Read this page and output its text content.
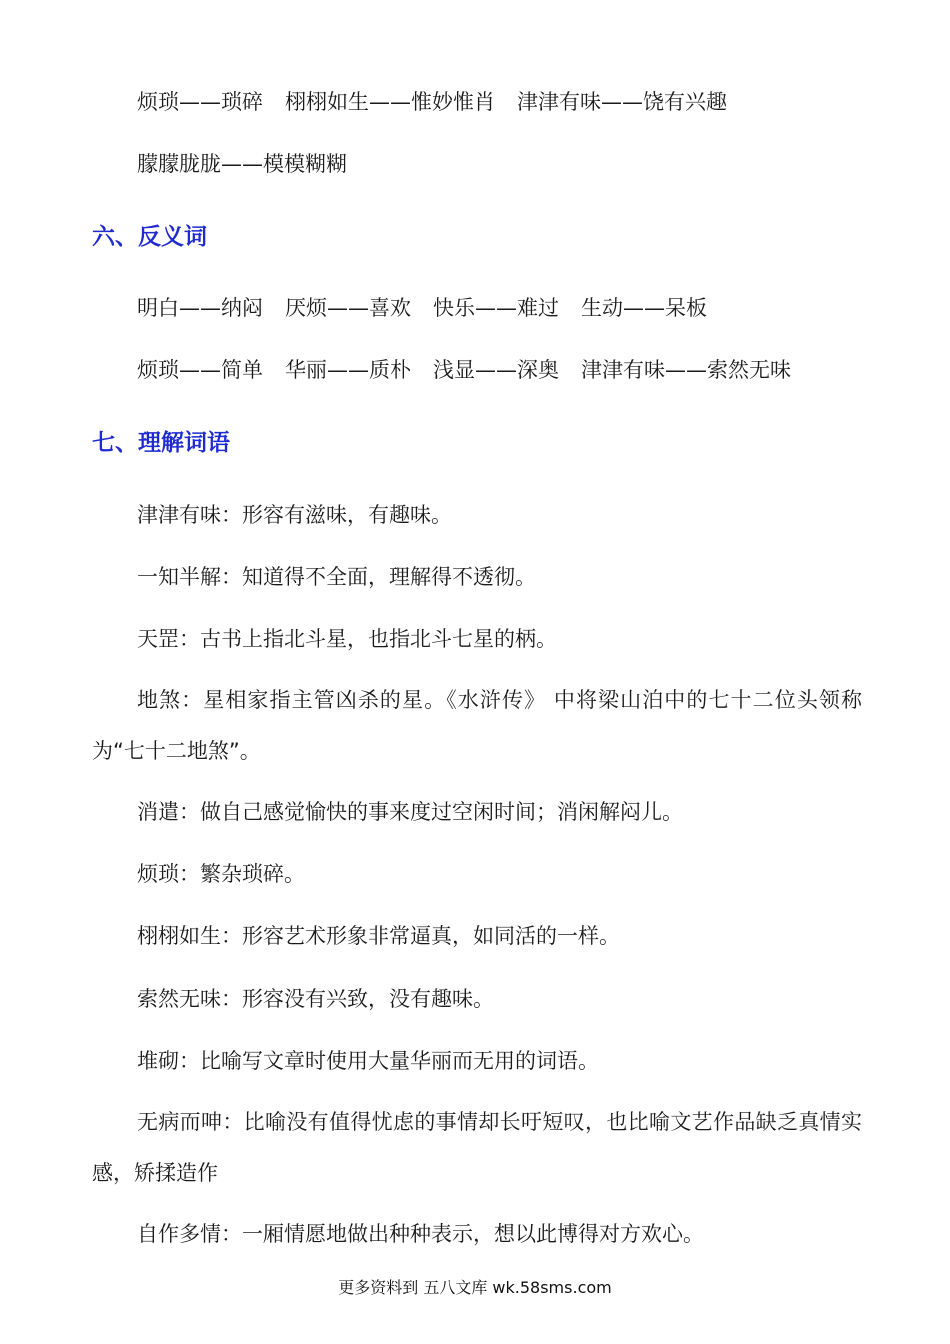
烦琐——琐碎 栩栩如生——惟妙惟肖 津津有味——饶有兴趣
朦朦胧胧——模模糊糊
六、反义词
明白——纳闷 厌烦——喜欢 快乐——难过 生动——呆板
烦琐——简单 华丽——质朴 浅显——深奥 津津有味——索然无味
七、理解词语
津津有味：形容有滋味，有趣味。
一知半解：知道得不全面，理解得不透彻。
天罡：古书上指北斗星，也指北斗七星的柄。
地煞：星相家指主管凶杀的星。《水浒传》 中将梁山泊中的七十二位头领称为“七十二地煞”。
消遣：做自己感觉愉快的事来度过空闲时间；消闲解闷儿。
烦琐：繁杂琐碎。
栩栩如生：形容艺术形象非常逼真，如同活的一样。
索然无味：形容没有兴致，没有趣味。
堆砌：比喻写文章时使用大量华丽而无用的词语。
无病而呻：比喻没有值得忧虑的事情却长吁短叹，也比喻文艺作品缺乏真情实感，矫揉造作
自作多情：一厢情愿地做出种种表示，想以此博得对方欢心。
更多资料到 五八文库 wk.58sms.com
